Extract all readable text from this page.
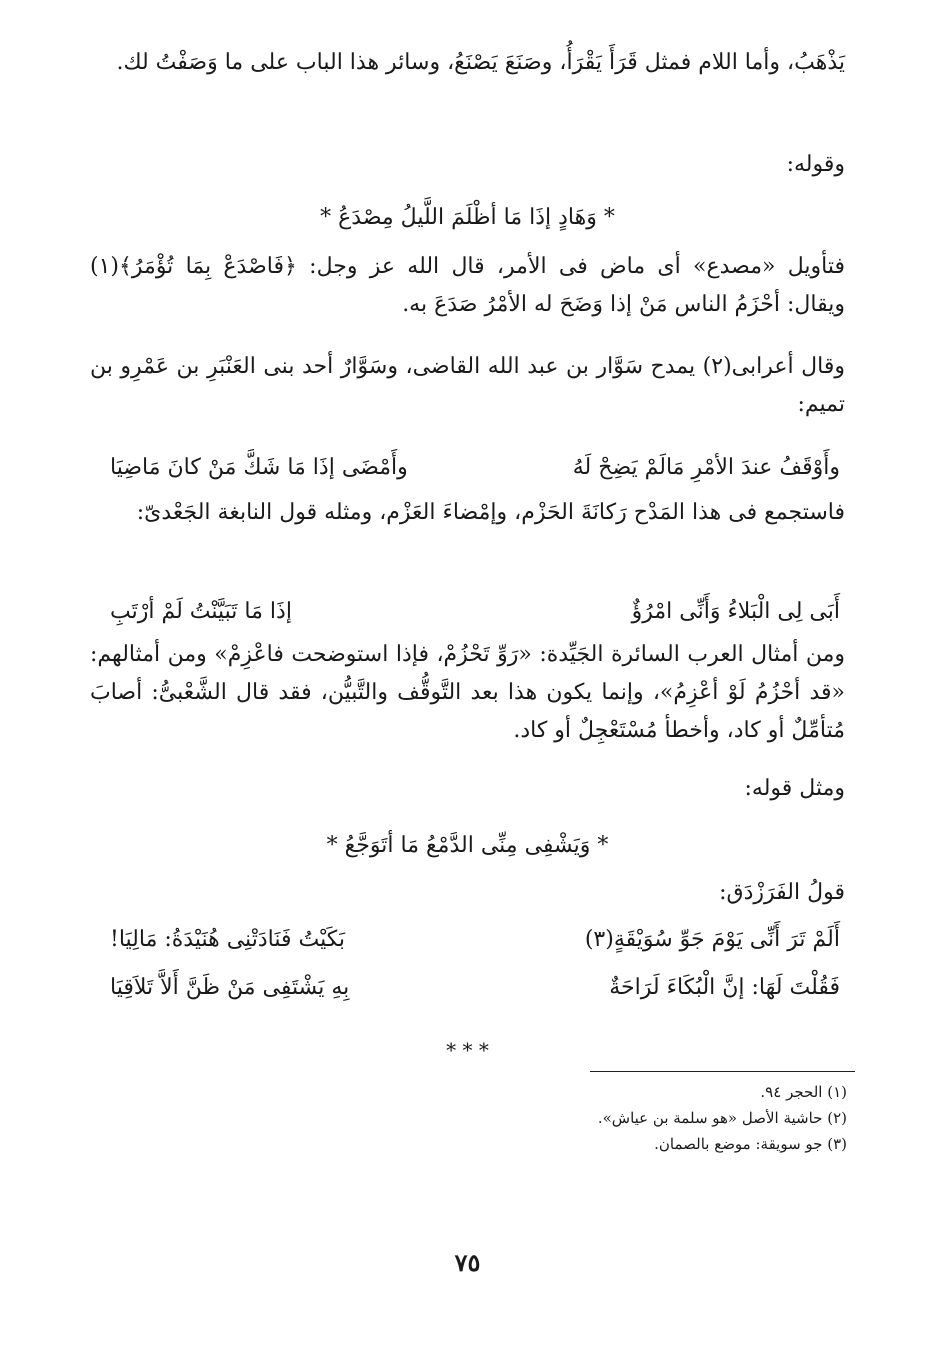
يَذْهَبُ، وأما اللام فمثل قَرَأَ يَقْرَأُ، وصَنَعَ يَصْنَعُ، وسائر هذا الباب على ما وَصَفْتُ لك.

وقوله:

* وَهَادٍ إذَا مَا أظْلَمَ اللَّيلُ مِصْدَعُ *

فتأويل «مصدع» أى ماض فى الأمر، قال الله عز وجل: ﴿فَاصْدَعْ بِمَا تُؤْمَرُ﴾(١) ويقال: أحْزَمُ الناس مَنْ إذا وَضَحَ له الأمْرُ صَدَعَ به.

وقال أعرابى(٢) يمدح سَوَّار بن عبد الله القاضى، وسَوَّارٌ أحد بنى العَنْبَرِ بن عَمْرِو بن تميم:

وأَوْقَفُ عندَ الأمْرِ مَالَمْ يَضِحْ لَهُ
وأَمْضَى إذَا مَا شَكَّ مَنْ كانَ مَاضِيَا

فاستجمع فى هذا المَدْح رَكانَةَ الحَزْم، وإمْضاءَ العَزْم، ومثله قول النابغة الجَعْدىّ:

أَبَى لِى الْبَلاءُ وَأَنِّى امْرُؤٌ
إذَا مَا تَبَيَّنْتُ لَمْ أرْتَبِ

ومن أمثال العرب السائرة الجَيِّدة: «رَوِّ تَحْزُمْ، فإذا استوضحت فاعْزِمْ» ومن أمثالهم: «قد أحْزُمُ لَوْ أعْزِمُ»، وإنما يكون هذا بعد التَّوقُّف والتَّبيُّن، فقد قال الشَّعْبىُّ: أصابَ مُتأمِّلٌ أو كاد، وأخطأ مُسْتَعْجِلٌ أو كاد.

ومثل قوله:

* وَيَشْفِى مِنِّى الدَّمْعُ مَا أتَوَجَّعُ *

قولُ الفَرَزْدَق:

أَلَمْ تَرَ أَنِّى يَوْمَ جَوِّ سُوَيْقَةٍ(٣)
بَكَيْتُ فَنَادَتْنِى هُنَيْدَةُ: مَالِيَا!
فَقُلْتَ لَهَا: إنَّ الْبُكَاءَ لَرَاحَةٌ
بِهِ يَشْتَفِى مَنْ ظَنَّ أَلاَّ تَلاَقِيَا

* * *

(١) الحجر ٩٤.

(٢) حاشية الأصل «هو سلمة بن عياش».

(٣) جو سويقة: موضع بالصمان.

٧٥
